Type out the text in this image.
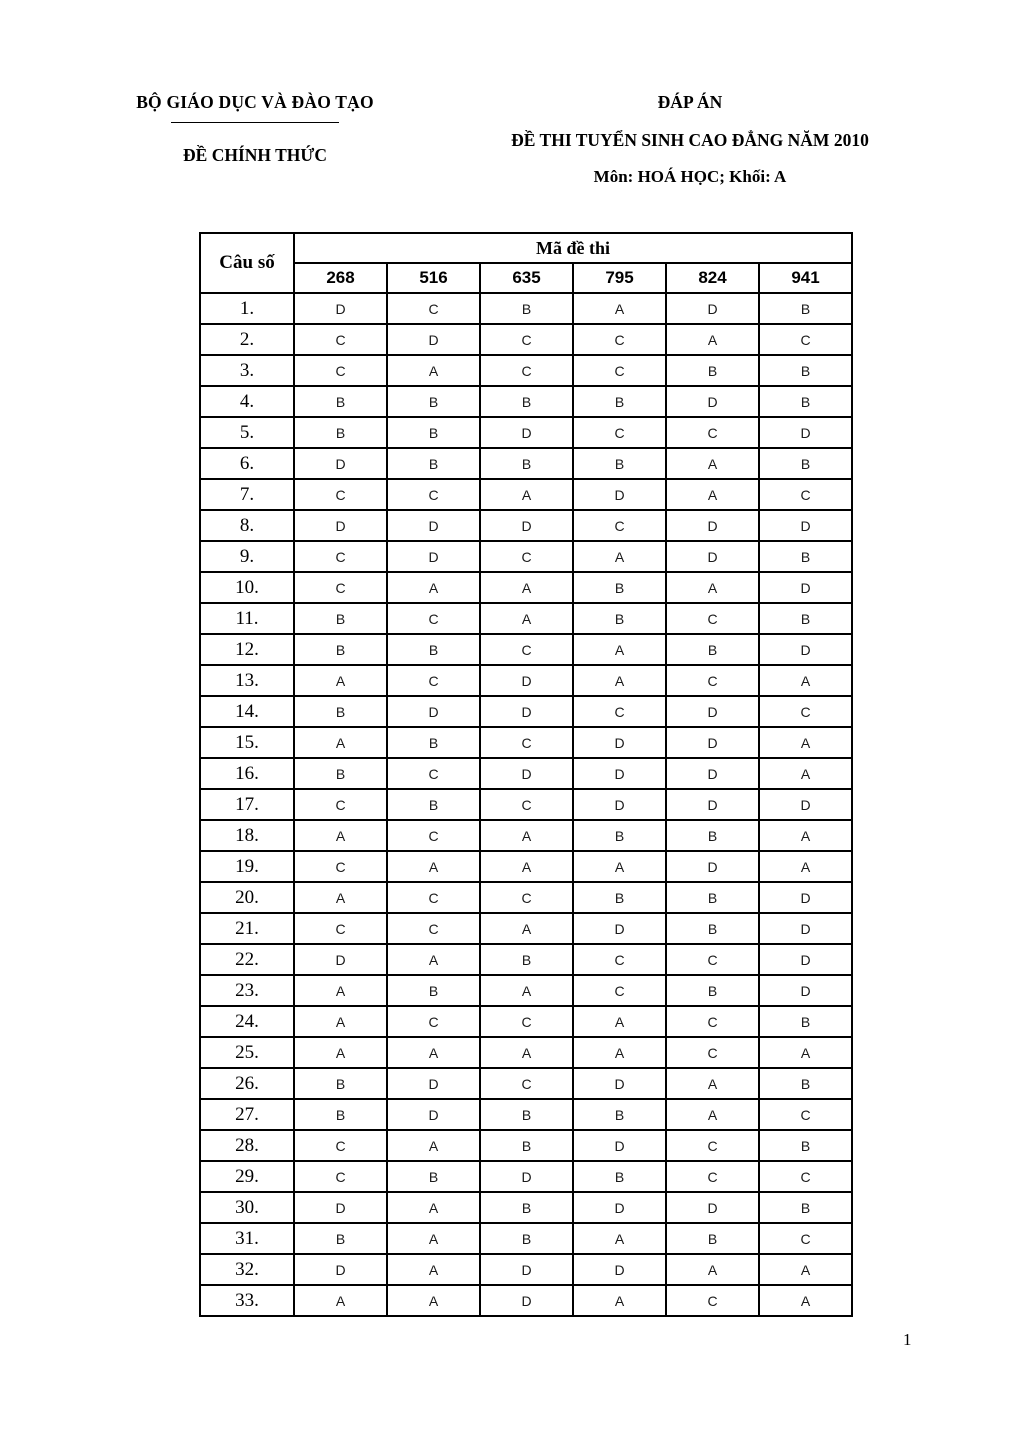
BỘ GIÁO DỤC VÀ ĐÀO TẠO
ĐỀ CHÍNH THỨC
ĐÁP ÁN
ĐỀ THI TUYỂN SINH CAO ĐẲNG NĂM 2010
Môn: HOÁ HỌC; Khối: A
Câu số	Mã đề thi					
	268	516	635	795	824	941
1.	D	C	B	A	D	B
2.	C	D	C	C	A	C
3.	C	A	C	C	B	B
4.	B	B	B	B	D	B
5.	B	B	D	C	C	D
6.	D	B	B	B	A	B
7.	C	C	A	D	A	C
8.	D	D	D	C	D	D
9.	C	D	C	A	D	B
10.	C	A	A	B	A	D
11.	B	C	A	B	C	B
12.	B	B	C	A	B	D
13.	A	C	D	A	C	A
14.	B	D	D	C	D	C
15.	A	B	C	D	D	A
16.	B	C	D	D	D	A
17.	C	B	C	D	D	D
18.	A	C	A	B	B	A
19.	C	A	A	A	D	A
20.	A	C	C	B	B	D
21.	C	C	A	D	B	D
22.	D	A	B	C	C	D
23.	A	B	A	C	B	D
24.	A	C	C	A	C	B
25.	A	A	A	A	C	A
26.	B	D	C	D	A	B
27.	B	D	B	B	A	C
28.	C	A	B	D	C	B
29.	C	B	D	B	C	C
30.	D	A	B	D	D	B
31.	B	A	B	A	B	C
32.	D	A	D	D	A	A
33.	A	A	D	A	C	A
1
